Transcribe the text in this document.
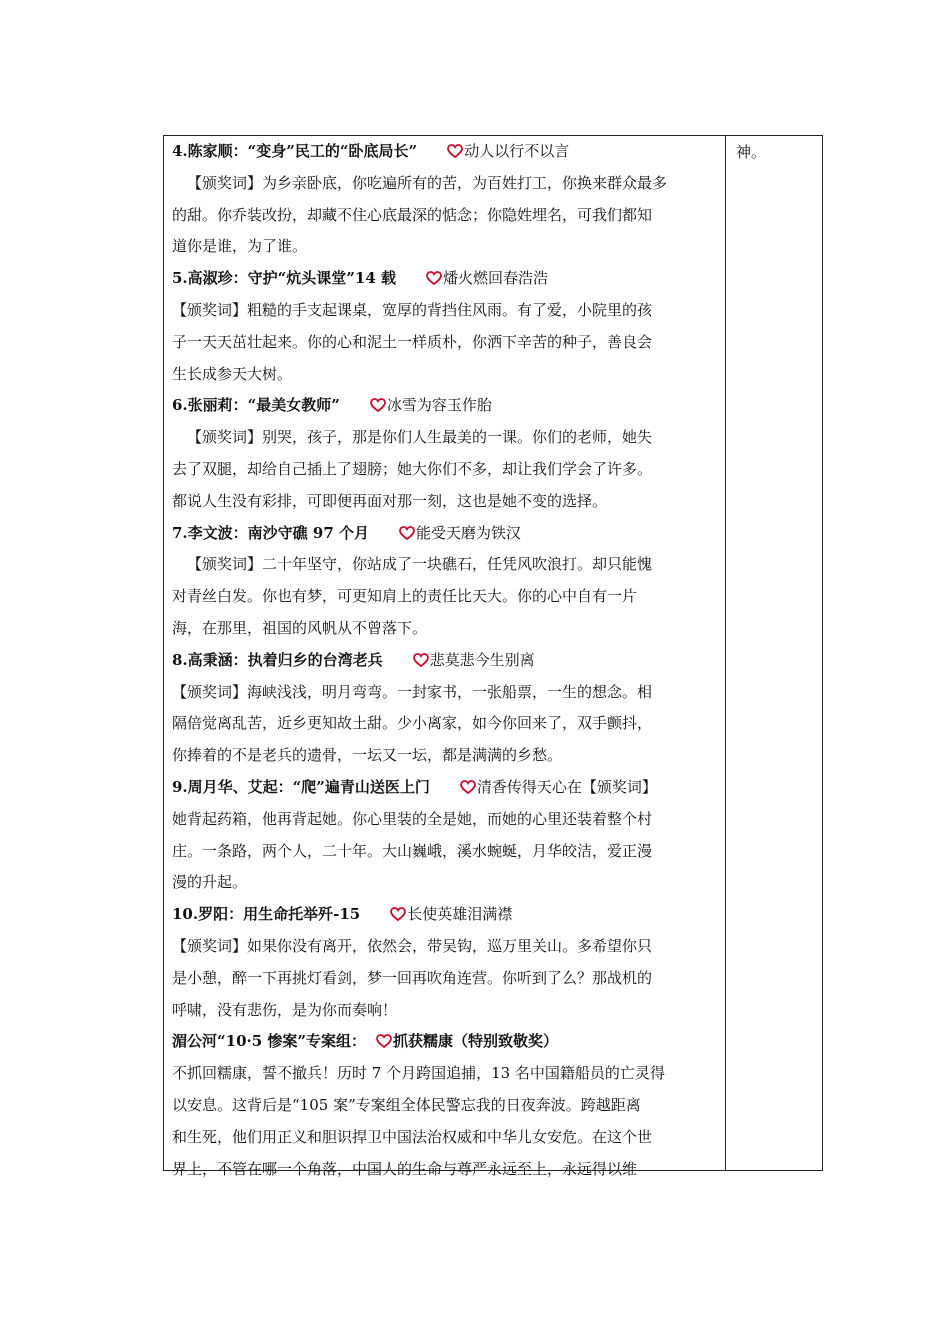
神。
4.陈家顺：“变身”民工的“卧底局长”	动人以行不以言
【颁奖词】为乡亲卧底，你吃遍所有的苦，为百姓打工，你换来群众最多
的甜。你乔装改扮，却藏不住心底最深的惦念；你隐姓埋名，可我们都知
道你是谁，为了谁。
5.高淑珍：守护“炕头课堂”14 载	燔火燃回春浩浩
【颁奖词】粗糙的手支起课桌，宽厚的背挡住风雨。有了爱，小院里的孩
子一天天茁壮起来。你的心和泥土一样质朴，你洒下辛苦的种子，善良会
生长成参天大树。
6.张丽莉：“最美女教师”	冰雪为容玉作胎
【颁奖词】别哭，孩子，那是你们人生最美的一课。你们的老师，她失
去了双腿，却给自己插上了翅膀；她大你们不多，却让我们学会了许多。
都说人生没有彩排，可即便再面对那一刻，这也是她不变的选择。
7.李文波：南沙守礁 97 个月	能受天磨为铁汉
【颁奖词】二十年坚守，你站成了一块礁石，任凭风吹浪打。却只能愧
对青丝白发。你也有梦，可更知肩上的责任比天大。你的心中自有一片
海，在那里，祖国的风帆从不曾落下。
8.高秉涵：执着归乡的台湾老兵	悲莫悲今生别离
【颁奖词】海峡浅浅，明月弯弯。一封家书，一张船票，一生的想念。相
隔倍觉离乱苦，近乡更知故土甜。少小离家，如今你回来了，双手颤抖，
你捧着的不是老兵的遗骨，一坛又一坛，都是满满的乡愁。
9.周月华、艾起：“爬”遍青山送医上门	清香传得天心在【颁奖词】
她背起药箱，他再背起她。你心里装的全是她，而她的心里还装着整个村
庄。一条路，两个人，二十年。大山巍峨，溪水蜿蜒，月华皎洁，爱正漫
漫的升起。
10.罗阳：用生命托举歼-15	长使英雄泪满襟
【颁奖词】如果你没有离开，依然会，带吴钩，巡万里关山。多希望你只
是小憩，醉一下再挑灯看剑，梦一回再吹角连营。你听到了么？那战机的
呼啸，没有悲伤，是为你而奏响！
湄公河“10·5 惨案”专案组： 抓获糯康（特别致敬奖）
不抓回糯康，誓不撤兵！历时 7 个月跨国追捕，13 名中国籍船员的亡灵得
以安息。这背后是“105 案”专案组全体民警忘我的日夜奔波。跨越距离
和生死，他们用正义和胆识捍卫中国法治权威和中华儿女安危。在这个世
界上，不管在哪一个角落，中国人的生命与尊严永远至上，永远得以维
